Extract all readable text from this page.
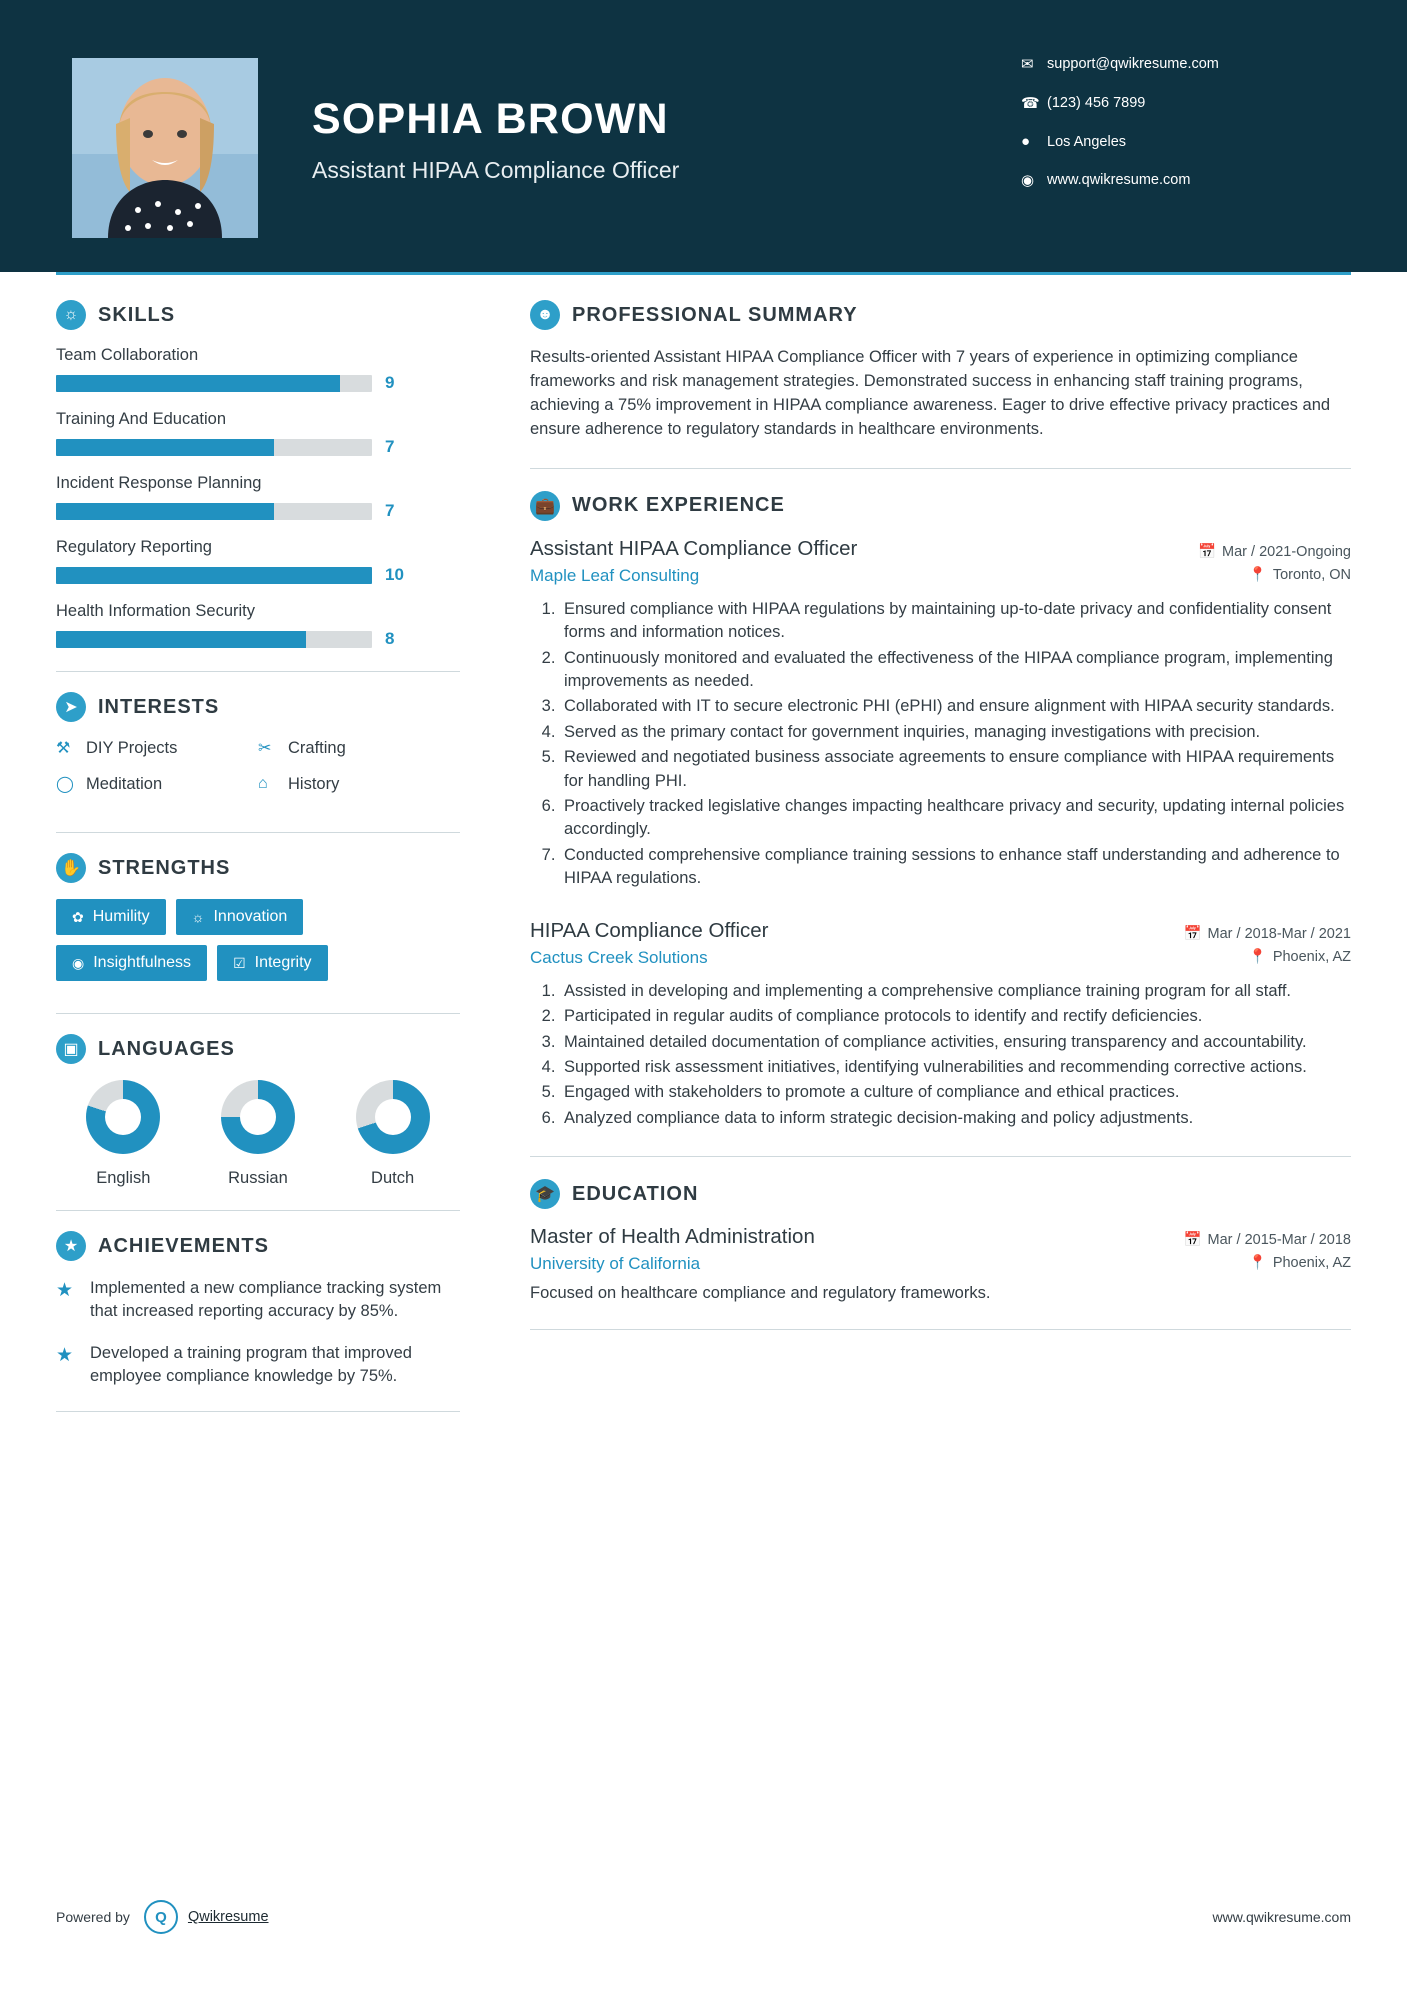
SOPHIA BROWN
Assistant HIPAA Compliance Officer
✉ support@qwikresume.com
☎ (123) 456 7899
●	Los Angeles
◉ www.qwikresume.com
☼ SKILLS
Team Collaboration
9
Training And Education
7
Incident Response Planning
7
Regulatory Reporting
10
Health Information Security
8
➤	INTERESTS
⚒ DIY Projects	✂	Crafting
◯ Meditation	⌂	History
✋ STRENGTHS
✿ Humility	☼ Innovation
◉ Insightfulness	☑ Integrity
▣ LANGUAGES
English	Russian	Dutch
★ ACHIEVEMENTS
★	Implemented a new compliance tracking system that increased reporting accuracy by 85%.
★	Developed a training program that improved employee compliance knowledge by 75%.
☻ PROFESSIONAL SUMMARY
Results-oriented Assistant HIPAA Compliance Officer with 7 years of experience in optimizing compliance frameworks and risk management strategies. Demonstrated success in enhancing staff training programs, achieving a 75% improvement in HIPAA compliance awareness. Eager to drive effective privacy practices and ensure adherence to regulatory standards in healthcare environments.
💼 WORK EXPERIENCE
Assistant HIPAA Compliance Officer	📅 Mar / 2021-Ongoing
Maple Leaf Consulting	📍 Toronto, ON
1. Ensured compliance with HIPAA regulations by maintaining up-to-date privacy and confidentiality consent forms and information notices.
2. Continuously monitored and evaluated the effectiveness of the HIPAA compliance program, implementing improvements as needed.
3. Collaborated with IT to secure electronic PHI (ePHI) and ensure alignment with HIPAA security standards.
4. Served as the primary contact for government inquiries, managing investigations with precision.
5. Reviewed and negotiated business associate agreements to ensure compliance with HIPAA requirements for handling PHI.
6. Proactively tracked legislative changes impacting healthcare privacy and security, updating internal policies accordingly.
7. Conducted comprehensive compliance training sessions to enhance staff understanding and adherence to HIPAA regulations.
HIPAA Compliance Officer	📅 Mar / 2018-Mar / 2021
Cactus Creek Solutions	📍 Phoenix, AZ
1. Assisted in developing and implementing a comprehensive compliance training program for all staff.
2. Participated in regular audits of compliance protocols to identify and rectify deficiencies.
3. Maintained detailed documentation of compliance activities, ensuring transparency and accountability.
4. Supported risk assessment initiatives, identifying vulnerabilities and recommending corrective actions.
5. Engaged with stakeholders to promote a culture of compliance and ethical practices.
6. Analyzed compliance data to inform strategic decision-making and policy adjustments.
🎓 EDUCATION
Master of Health Administration	📅 Mar / 2015-Mar / 2018
University of California	📍 Phoenix, AZ
Focused on healthcare compliance and regulatory frameworks.
Powered by	Q	Qwikresume	www.qwikresume.com
